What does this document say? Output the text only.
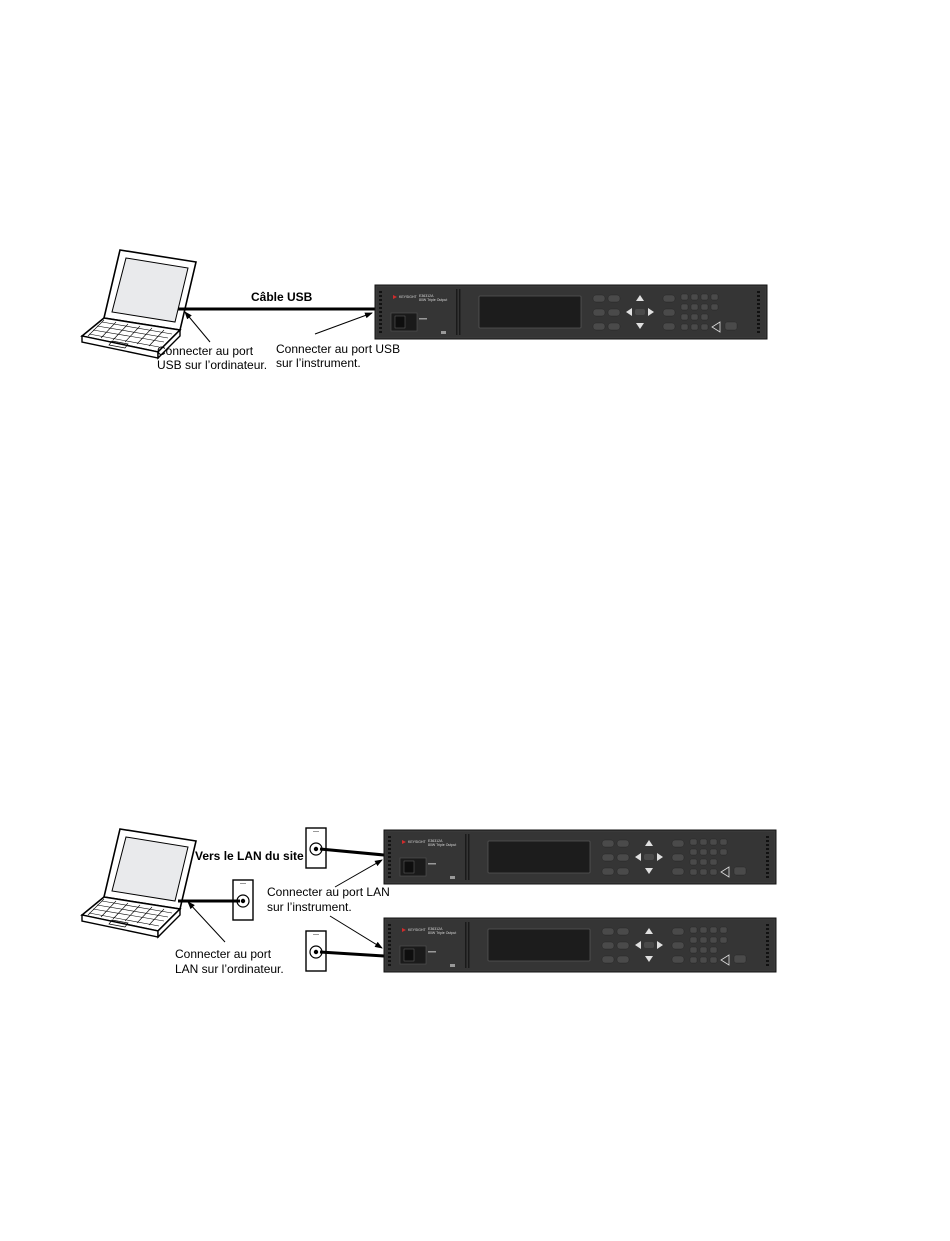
KEYSIGHT E36312A
80W Triple Output
Câble USB
Connecter au port
USB sur l’ordinateur.
Connecter au port USB
sur l’instrument.
Vers le LAN du site
Connecter au port LAN
sur l’instrument.
Connecter au port
LAN sur l’ordinateur.
